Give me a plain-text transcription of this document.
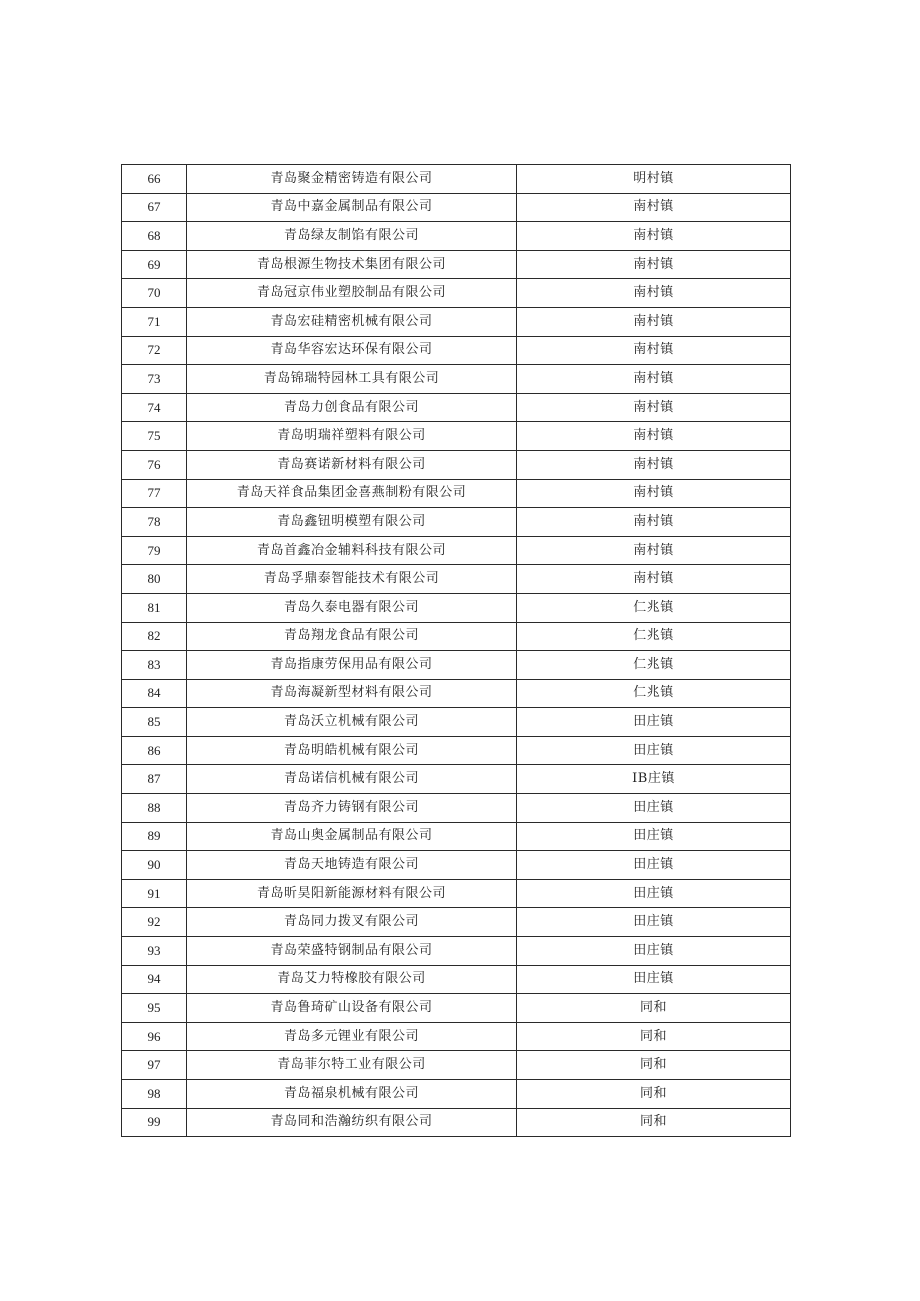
66	青岛聚金精密铸造有限公司	明村镇
67	青岛中嘉金属制品有限公司	南村镇
68	青岛绿友制馅有限公司	南村镇
69	青岛根源生物技术集团有限公司	南村镇
70	青岛冠京伟业塑胶制品有限公司	南村镇
71	青岛宏硅精密机械有限公司	南村镇
72	青岛华容宏达环保有限公司	南村镇
73	青岛锦瑞特园林工具有限公司	南村镇
74	青岛力创食品有限公司	南村镇
75	青岛明瑞祥塑料有限公司	南村镇
76	青岛赛诺新材料有限公司	南村镇
77	青岛天祥食品集团金喜燕制粉有限公司	南村镇
78	青岛鑫钮明模塑有限公司	南村镇
79	青岛首鑫冶金辅料科技有限公司	南村镇
80	青岛孚鼎泰智能技术有限公司	南村镇
81	青岛久泰电器有限公司	仁兆镇
82	青岛翔龙食品有限公司	仁兆镇
83	青岛指康劳保用品有限公司	仁兆镇
84	青岛海凝新型材料有限公司	仁兆镇
85	青岛沃立机械有限公司	田庄镇
86	青岛明皓机械有限公司	田庄镇
87	青岛诺信机械有限公司	IB庄镇
88	青岛齐力铸钢有限公司	田庄镇
89	青岛山奥金属制品有限公司	田庄镇
90	青岛天地铸造有限公司	田庄镇
91	青岛昕昊阳新能源材料有限公司	田庄镇
92	青岛同力拨叉有限公司	田庄镇
93	青岛荣盛特钢制品有限公司	田庄镇
94	青岛艾力特橡胶有限公司	田庄镇
95	青岛鲁琦矿山设备有限公司	同和
96	青岛多元锂业有限公司	同和
97	青岛菲尔特工业有限公司	同和
98	青岛福泉机械有限公司	同和
99	青岛同和浩瀚纺织有限公司	同和
